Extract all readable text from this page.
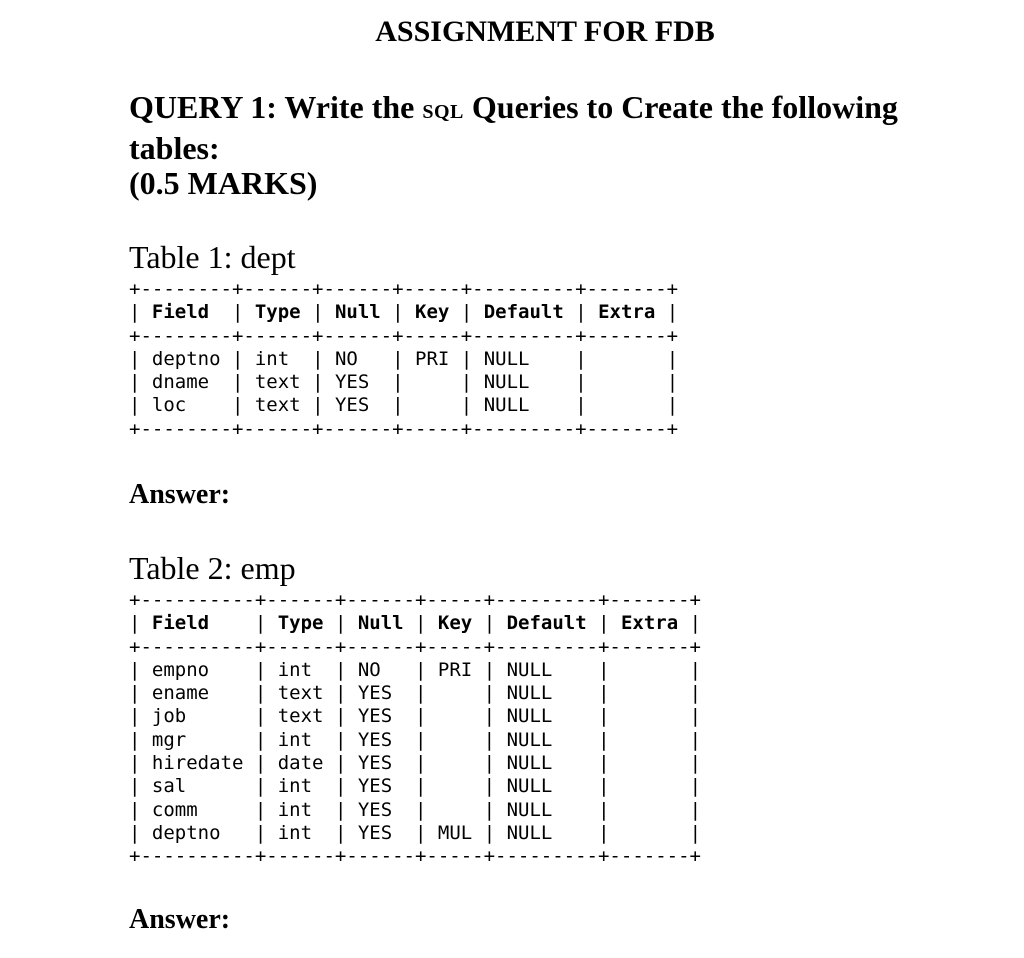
ASSIGNMENT FOR FDB
QUERY 1: Write the sql Queries to Create the following tables:
(0.5 MARKS)
Table 1: dept
+--------+------+------+-----+---------+-------+
| Field  | Type | Null | Key | Default | Extra |
+--------+------+------+-----+---------+-------+
| deptno | int  | NO   | PRI | NULL    |       |
| dname  | text | YES  |     | NULL    |       |
| loc    | text | YES  |     | NULL    |       |
+--------+------+------+-----+---------+-------+
Answer:
Table 2: emp
+----------+------+------+-----+---------+-------+
| Field    | Type | Null | Key | Default | Extra |
+----------+------+------+-----+---------+-------+
| empno    | int  | NO   | PRI | NULL    |       |
| ename    | text | YES  |     | NULL    |       |
| job      | text | YES  |     | NULL    |       |
| mgr      | int  | YES  |     | NULL    |       |
| hiredate | date | YES  |     | NULL    |       |
| sal      | int  | YES  |     | NULL    |       |
| comm     | int  | YES  |     | NULL    |       |
| deptno   | int  | YES  | MUL | NULL    |       |
+----------+------+------+-----+---------+-------+
Answer:
